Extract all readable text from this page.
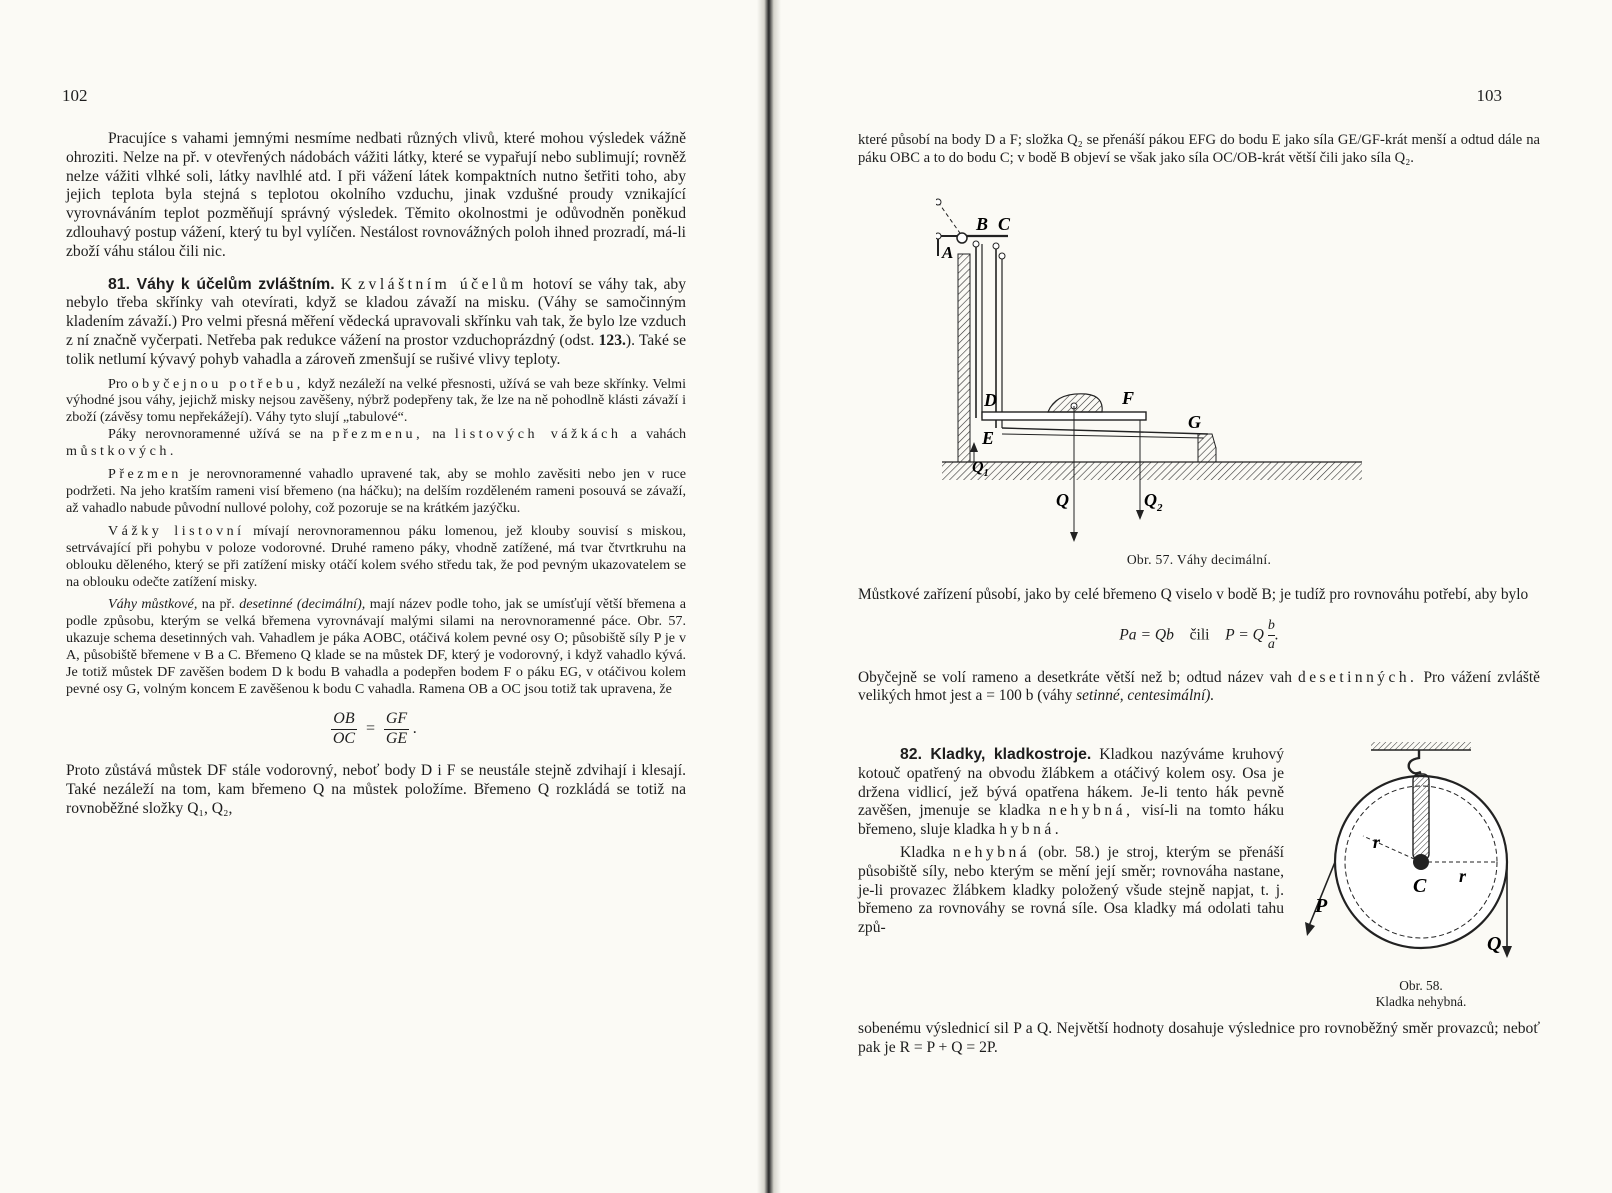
102

Pracujíce s vahami jemnými nesmíme nedbati různých vlivů, které mohou výsledek vážně ohroziti. Nelze na př. v otevřených nádobách vážiti látky, které se vypařují nebo sublimují; rovněž nelze vážiti vlhké soli, látky navlhlé atd. I při vážení látek kompaktních nutno šetřiti toho, aby jejich teplota byla stejná s teplotou okolního vzduchu, jinak vzdušné proudy vznikající vyrovnáváním teplot pozměňují správný výsledek. Těmito okolnostmi je odůvodněn poněkud zdlouhavý postup vážení, který tu byl vylíčen. Nestálost rovnovážných poloh ihned prozradí, má-li zboží váhu stálou čili nic.

81. Váhy k účelům zvláštním. K zvláštním účelům hotoví se váhy tak, aby nebylo třeba skřínky vah otevírati, když se kladou závaží na misku. (Váhy se samočinným kladením závaží.) Pro velmi přesná měření vědecká upravovali skřínku vah tak, že bylo lze vzduch z ní značně vyčerpati. Netřeba pak redukce vážení na prostor vzduchoprázdný (odst. 123.). Také se tolik netlumí kývavý pohyb vahadla a zároveň zmenšují se rušivé vlivy teploty.

Pro obyčejnou potřebu, když nezáleží na velké přesnosti, užívá se vah beze skřínky. Velmi výhodné jsou váhy, jejichž misky nejsou zavěšeny, nýbrž podepřeny tak, že lze na ně pohodlně klásti závaží i zboží (závěsy tomu nepřekážejí). Váhy tyto slují „tabulové“.

Páky nerovnoramenné užívá se na přezmenu, na listových vážkách a vahách můstkových.

Přezmen je nerovnoramenné vahadlo upravené tak, aby se mohlo zavěsiti nebo jen v ruce podržeti. Na jeho kratším rameni visí břemeno (na háčku); na delším rozděleném rameni posouvá se závaží, až vahadlo nabude původní nullové polohy, což pozoruje se na krátkém jazýčku.

Vážky listovní mívají nerovnoramennou páku lomenou, jež klouby souvisí s miskou, setrvávající při pohybu v poloze vodorovné. Druhé rameno páky, vhodně zatížené, má tvar čtvrtkruhu na oblouku děleného, který se při zatížení misky otáčí kolem svého středu tak, že pod pevným ukazovatelem se na oblouku odečte zatížení misky.

Váhy můstkové, na př. desetinné (decimální), mají název podle toho, jak se umísťují větší břemena a podle způsobu, kterým se velká břemena vyrovnávají malými silami na nerovnoramenné páce. Obr. 57. ukazuje schema desetinných vah. Vahadlem je páka AOBC, otáčivá kolem pevné osy O; působiště síly P je v A, působiště břemene v B a C. Břemeno Q klade se na můstek DF, který je vodorovný, i když vahadlo kývá. Je totiž můstek DF zavěšen bodem D k bodu B vahadla a podepřen bodem F o páku EG, v otáčivou kolem pevné osy G, volným koncem E zavěšenou k bodu C vahadla. Ramena OB a OC jsou totiž tak upravena, že

$\frac{OB}{OC} = \frac{GF}{GE}$ .

Proto zůstává můstek DF stále vodorovný, neboť body D i F se neustále stejně zdvihají i klesají. Také nezáleží na tom, kam břemeno Q na můstek položíme. Břemeno Q rozkládá se totiž na rovnoběžné složky Q₁, Q₂,

103

které působí na body D a F; složka Q₂ se přenáší pákou EFG do bodu E jako síla GE/GF-krát menší a odtud dále na páku OBC a to do bodu C; v bodě B objeví se však jako síla OC/OB-krát větší čili jako síla Q₂.

A
B C
D
E
F
G
$Q_1$
Q	$Q_2$
Obr. 57. Váhy decimální.

Můstkové zařízení působí, jako by celé břemeno Q viselo v bodě B; je tudíž pro rovnováhu potřebí, aby bylo

Pa = Qb čili P = Q $\frac{b}{a}$.

Obyčejně se volí rameno a desetkráte větší než b; odtud název vah desetinných. Pro vážení zvláště velikých hmot jest a = 100 b (váhy setinné, centesimální).

82. Kladky, kladkostroje. Kladkou nazýváme kruhový kotouč opatřený na obvodu žlábkem a otáčivý kolem osy. Osa je držena vidlicí, jež bývá opatřena hákem. Je-li tento hák pevně zavěšen, jmenuje se kladka nehybná, visí-li na tomto háku břemeno, sluje kladka hybná.

Kladka nehybná (obr. 58.) je stroj, kterým se přenáší působiště síly, nebo kterým se mění její směr; rovnováha nastane, je-li provazec žlábkem kladky položený všude stejně napjat, t. j. břemeno za rovnováhy se rovná síle. Osa kladky má odolati tahu způ-

r
r
C
P
Q
Obr. 58.
Kladka nehybná.

sobenému výslednicí sil P a Q. Největší hodnoty dosahuje výslednice pro rovnoběžný směr provazců; neboť pak je R = P + Q = 2P.
